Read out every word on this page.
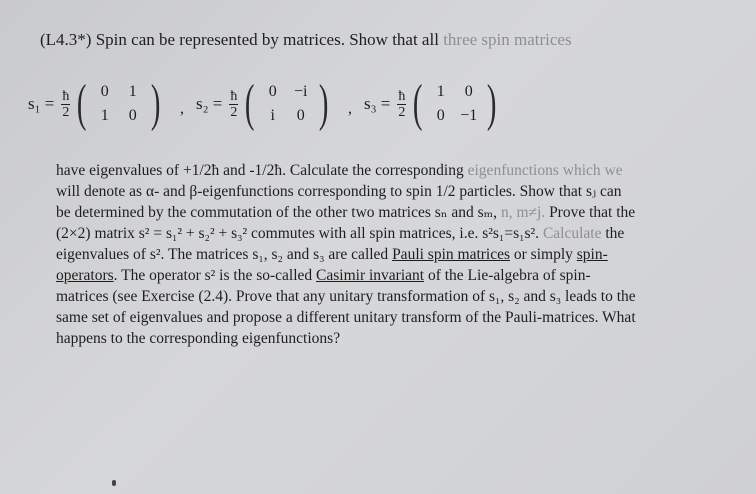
(L4.3*) Spin can be represented by matrices. Show that all three spin matrices
$s_1 = \frac{ħ}{2}$ ( 0	1
1	0 ) , $s_2 = \frac{ħ}{2}$ ( 0	−i
i	0 ) , $s_3 = \frac{ħ}{2}$ ( 1	0
0 −1 )

have eigenvalues of +1/2ħ and -1/2ħ. Calculate the corresponding eigenfunctions which we

will denote as α- and β-eigenfunctions corresponding to spin 1/2 particles. Show that sⱼ can

be determined by the commutation of the other two matrices sₙ and sₘ, n, m≠j. Prove that the

(2×2) matrix s² = s₁² + s₂² + s₃² commutes with all spin matrices, i.e. s²s₁=s₁s². Calculate the

eigenvalues of s². The matrices s₁, s₂ and s₃ are called Pauli spin matrices or simply spin-

operators. The operator s² is the so-called Casimir invariant of the Lie-algebra of spin-

matrices (see Exercise (2.4). Prove that any unitary transformation of s₁, s₂ and s₃ leads to the

same set of eigenvalues and propose a different unitary transform of the Pauli-matrices. What

happens to the corresponding eigenfunctions?
